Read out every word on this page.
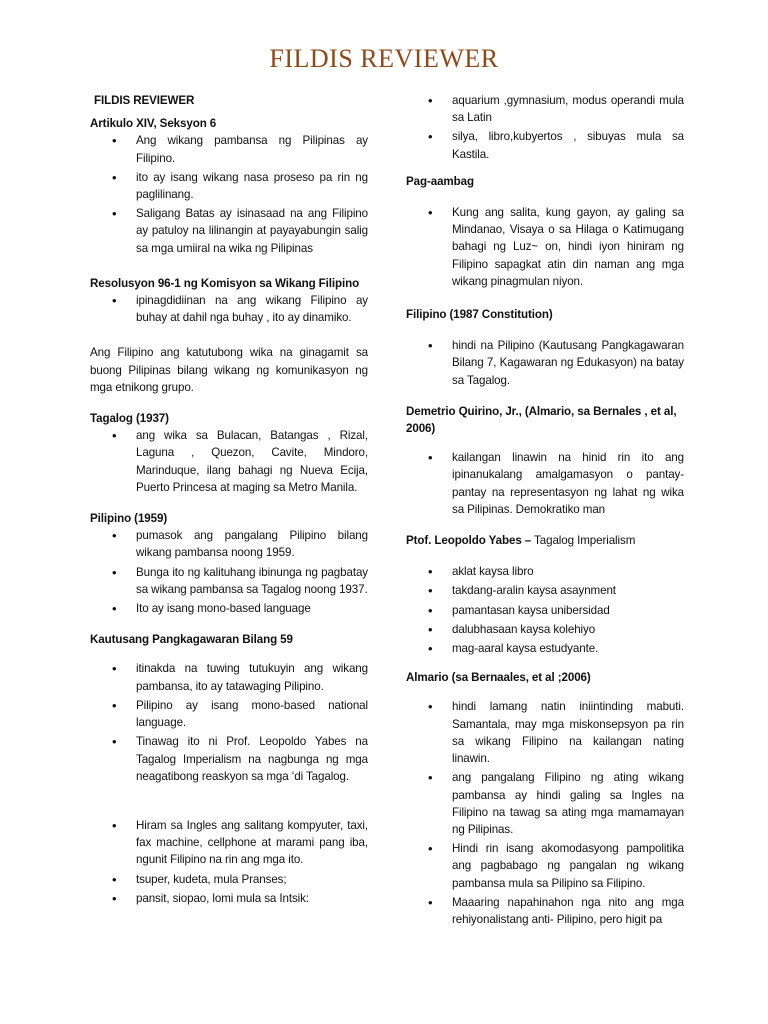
FILDIS REVIEWER
FILDIS REVIEWER
Artikulo XIV, Seksyon 6
• Ang wikang pambansa ng Pilipinas ay Filipino.
• ito ay isang wikang nasa proseso pa rin ng paglilinang.
• Saligang Batas ay isinasaad na ang Filipino ay patuloy na lilinangin at payayabungin salig sa mga umiiral na wika ng Pilipinas
Resolusyon 96-1 ng Komisyon sa Wikang Filipino
• ipinagdidiinan na ang wikang Filipino ay buhay at dahil nga buhay , ito ay dinamiko.

Ang Filipino ang katutubong wika na ginagamit sa buong Pilipinas bilang wikang ng komunikasyon ng mga etnikong grupo.

Tagalog (1937)
• ang wika sa Bulacan, Batangas , Rizal, Laguna , Quezon, Cavite, Mindoro, Marinduque, ilang bahagi ng Nueva Ecija, Puerto Princesa at maging sa Metro Manila.
Pilipino (1959)
• pumasok ang pangalang Pilipino bilang wikang pambansa noong 1959.
• Bunga ito ng kalituhang ibinunga ng pagbatay sa wikang pambansa sa Tagalog noong 1937.
• Ito ay isang mono-based language
Kautusang Pangkagawaran Bilang 59
• itinakda na tuwing tutukuyin ang wikang pambansa, ito ay tatawaging Pilipino.
• Pilipino ay isang mono-based national language.
• Tinawag ito ni Prof. Leopoldo Yabes na Tagalog Imperialism na nagbunga ng mga neagatibong reaskyon sa mga ‘di Tagalog.
• Hiram sa Ingles ang salitang kompyuter, taxi, fax machine, cellphone at marami pang iba, ngunit Filipino na rin ang mga ito.
• tsuper, kudeta, mula Pranses;
• pansit, siopao, lomi mula sa Intsik:
• aquarium ,gymnasium, modus operandi mula sa Latin
• silya, libro,kubyertos , sibuyas mula sa Kastila.
Pag-aambag
• Kung ang salita, kung gayon, ay galing sa Mindanao, Visaya o sa Hilaga o Katimugang bahagi ng Luz~ on, hindi iyon hiniram ng Filipino sapagkat atin din naman ang mga wikang pinagmulan niyon.
Filipino (1987 Constitution)
• hindi na Pilipino (Kautusang Pangkagawaran Bilang 7, Kagawaran ng Edukasyon) na batay sa Tagalog.
Demetrio Quirino, Jr., (Almario, sa Bernales , et al, 2006)
• kailangan linawin na hinid rin ito ang ipinanukalang amalgamasyon o pantay-pantay na representasyon ng lahat ng wika sa Pilipinas. Demokratiko man
Ptof. Leopoldo Yabes – Tagalog Imperialism
• aklat kaysa libro
• takdang-aralin kaysa asaynment
• pamantasan kaysa unibersidad
• dalubhasaan kaysa kolehiyo
• mag-aaral kaysa estudyante.
Almario (sa Bernaales, et al ;2006)
• hindi lamang natin iniintinding mabuti. Samantala, may mga miskonsepsyon pa rin sa wikang Filipino na kailangan nating linawin.
• ang pangalang Filipino ng ating wikang pambansa ay hindi galing sa Ingles na Filipino na tawag sa ating mga mamamayan ng Pilipinas.
• Hindi rin isang akomodasyong pampolitika ang pagbabago ng pangalan ng wikang pambansa mula sa Pilipino sa Filipino.
• Maaaring napahinahon nga nito ang mga rehiyonalistang anti- Pilipino, pero higit pa
